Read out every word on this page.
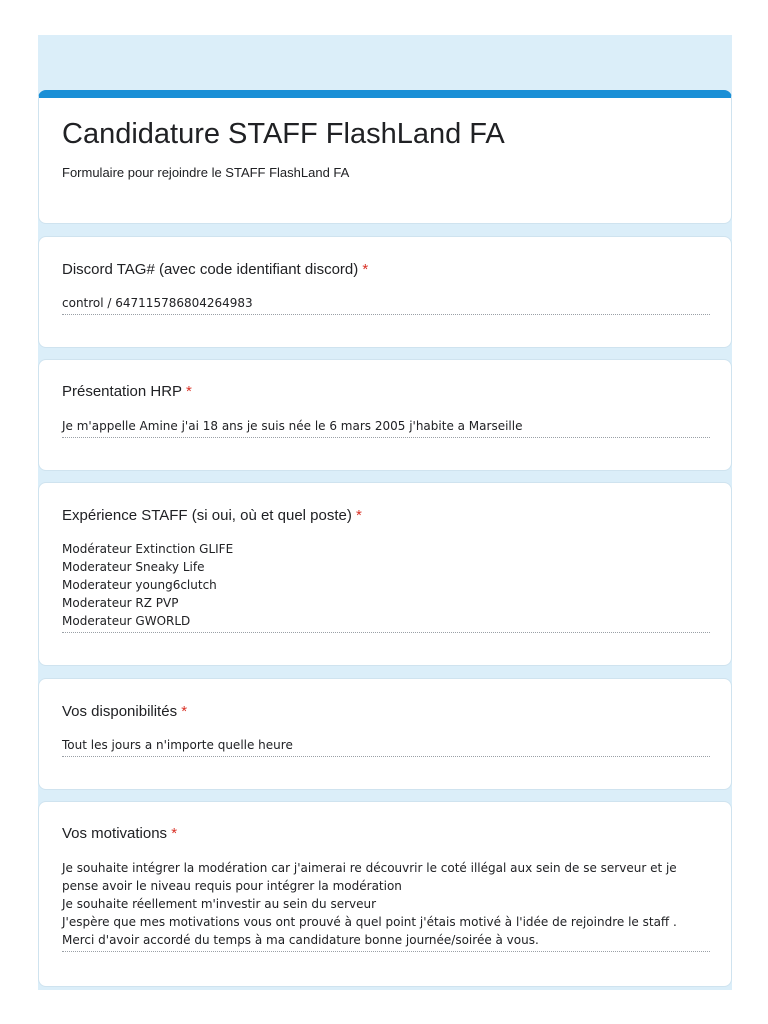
Candidature STAFF FlashLand FA
Formulaire pour rejoindre le STAFF FlashLand FA
Discord TAG# (avec code identifiant discord) *
control / 647115786804264983
Présentation HRP *
Je m'appelle Amine j'ai 18 ans je suis née le 6 mars 2005 j'habite a Marseille
Expérience STAFF (si oui, où et quel poste) *
Modérateur Extinction GLIFE
Moderateur Sneaky Life
Moderateur young6clutch
Moderateur RZ PVP
Moderateur GWORLD
Vos disponibilités *
Tout les jours a n'importe quelle heure
Vos motivations *
Je souhaite intégrer la modération car j'aimerai re découvrir le coté illégal aux sein de se serveur et je pense avoir le niveau requis pour intégrer la modération
Je souhaite réellement m'investir au sein du serveur
J'espère que mes motivations vous ont prouvé à quel point j'étais motivé à l'idée de rejoindre le staff .
Merci d'avoir accordé du temps à ma candidature bonne journée/soirée à vous.
